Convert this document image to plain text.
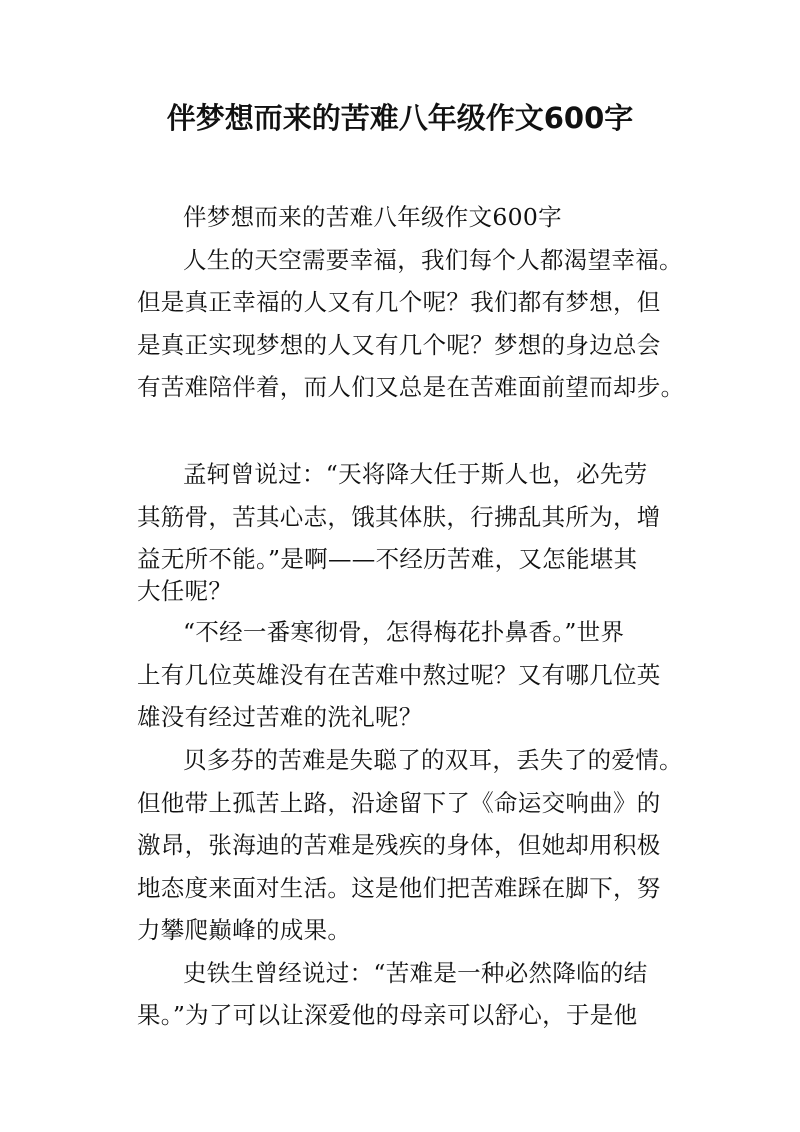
伴梦想而来的苦难八年级作文600字
伴梦想而来的苦难八年级作文600字
人生的天空需要幸福，我们每个人都渴望幸福。
但是真正幸福的人又有几个呢？我们都有梦想，但
是真正实现梦想的人又有几个呢？梦想的身边总会
有苦难陪伴着，而人们又总是在苦难面前望而却步。
孟轲曾说过：“天将降大任于斯人也，必先劳
其筋骨，苦其心志，饿其体肤，行拂乱其所为，增
益无所不能。”是啊——不经历苦难，又怎能堪其
大任呢？
“不经一番寒彻骨，怎得梅花扑鼻香。”世界
上有几位英雄没有在苦难中熬过呢？又有哪几位英
雄没有经过苦难的洗礼呢？
贝多芬的苦难是失聪了的双耳，丢失了的爱情。
但他带上孤苦上路，沿途留下了《命运交响曲》的
激昂，张海迪的苦难是残疾的身体，但她却用积极
地态度来面对生活。这是他们把苦难踩在脚下，努
力攀爬巅峰的成果。
史铁生曾经说过：“苦难是一种必然降临的结
果。”为了可以让深爱他的母亲可以舒心，于是他
